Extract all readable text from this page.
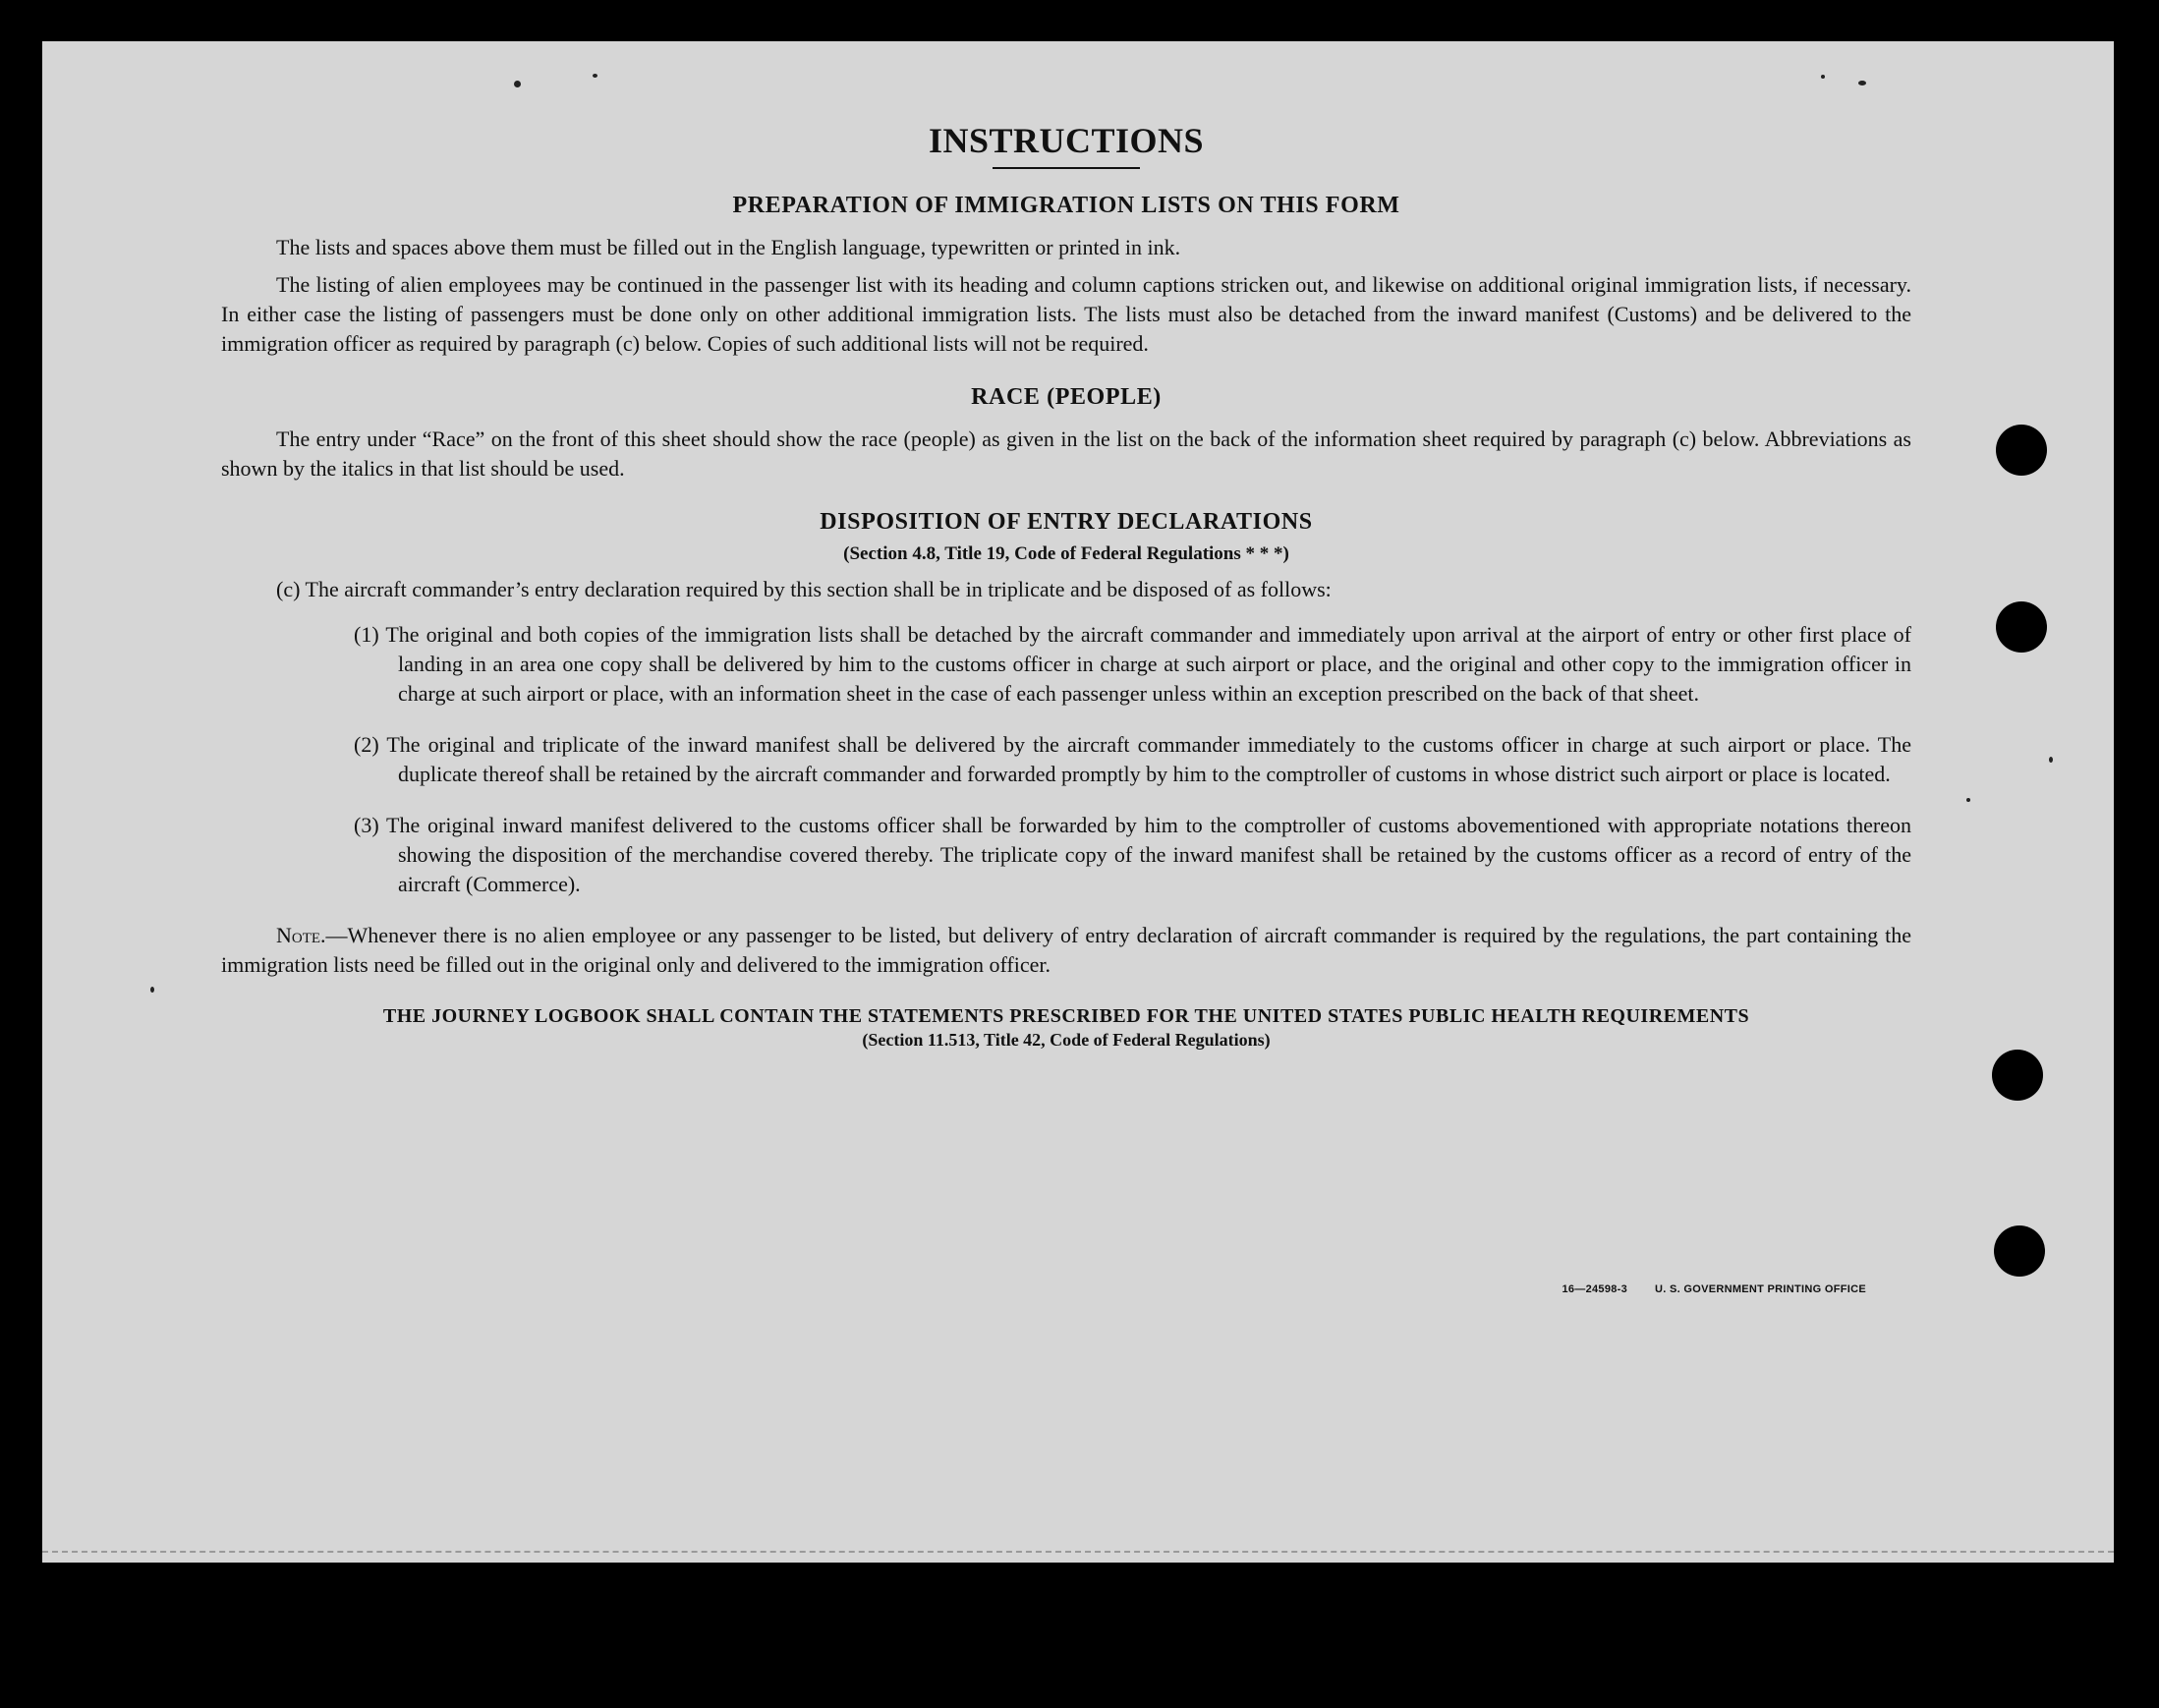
INSTRUCTIONS
PREPARATION OF IMMIGRATION LISTS ON THIS FORM

The lists and spaces above them must be filled out in the English language, typewritten or printed in ink.

The listing of alien employees may be continued in the passenger list with its heading and column captions stricken out, and likewise on additional original immigration lists, if necessary. In either case the listing of passengers must be done only on other additional immigration lists. The lists must also be detached from the inward manifest (Customs) and be delivered to the immigration officer as required by paragraph (c) below. Copies of such additional lists will not be required.

RACE (PEOPLE)

The entry under “Race” on the front of this sheet should show the race (people) as given in the list on the back of the information sheet required by paragraph (c) below. Abbreviations as shown by the italics in that list should be used.

DISPOSITION OF ENTRY DECLARATIONS
(Section 4.8, Title 19, Code of Federal Regulations * * *)

(c) The aircraft commander’s entry declaration required by this section shall be in triplicate and be disposed of as follows:

(1) The original and both copies of the immigration lists shall be detached by the aircraft commander and immediately upon arrival at the airport of entry or other first place of landing in an area one copy shall be delivered by him to the customs officer in charge at such airport or place, and the original and other copy to the immigration officer in charge at such airport or place, with an information sheet in the case of each passenger unless within an exception prescribed on the back of that sheet.

(2) The original and triplicate of the inward manifest shall be delivered by the aircraft commander immediately to the customs officer in charge at such airport or place. The duplicate thereof shall be retained by the aircraft commander and forwarded promptly by him to the comptroller of customs in whose district such airport or place is located.

(3) The original inward manifest delivered to the customs officer shall be forwarded by him to the comptroller of customs abovementioned with appropriate notations thereon showing the disposition of the merchandise covered thereby. The triplicate copy of the inward manifest shall be retained by the customs officer as a record of entry of the aircraft (Commerce).

Note.—Whenever there is no alien employee or any passenger to be listed, but delivery of entry declaration of aircraft commander is required by the regulations, the part containing the immigration lists need be filled out in the original only and delivered to the immigration officer.

THE JOURNEY LOGBOOK SHALL CONTAIN THE STATEMENTS PRESCRIBED FOR THE UNITED STATES PUBLIC HEALTH REQUIREMENTS
(Section 11.513, Title 42, Code of Federal Regulations)
16—24598-3	U. S. GOVERNMENT PRINTING OFFICE
